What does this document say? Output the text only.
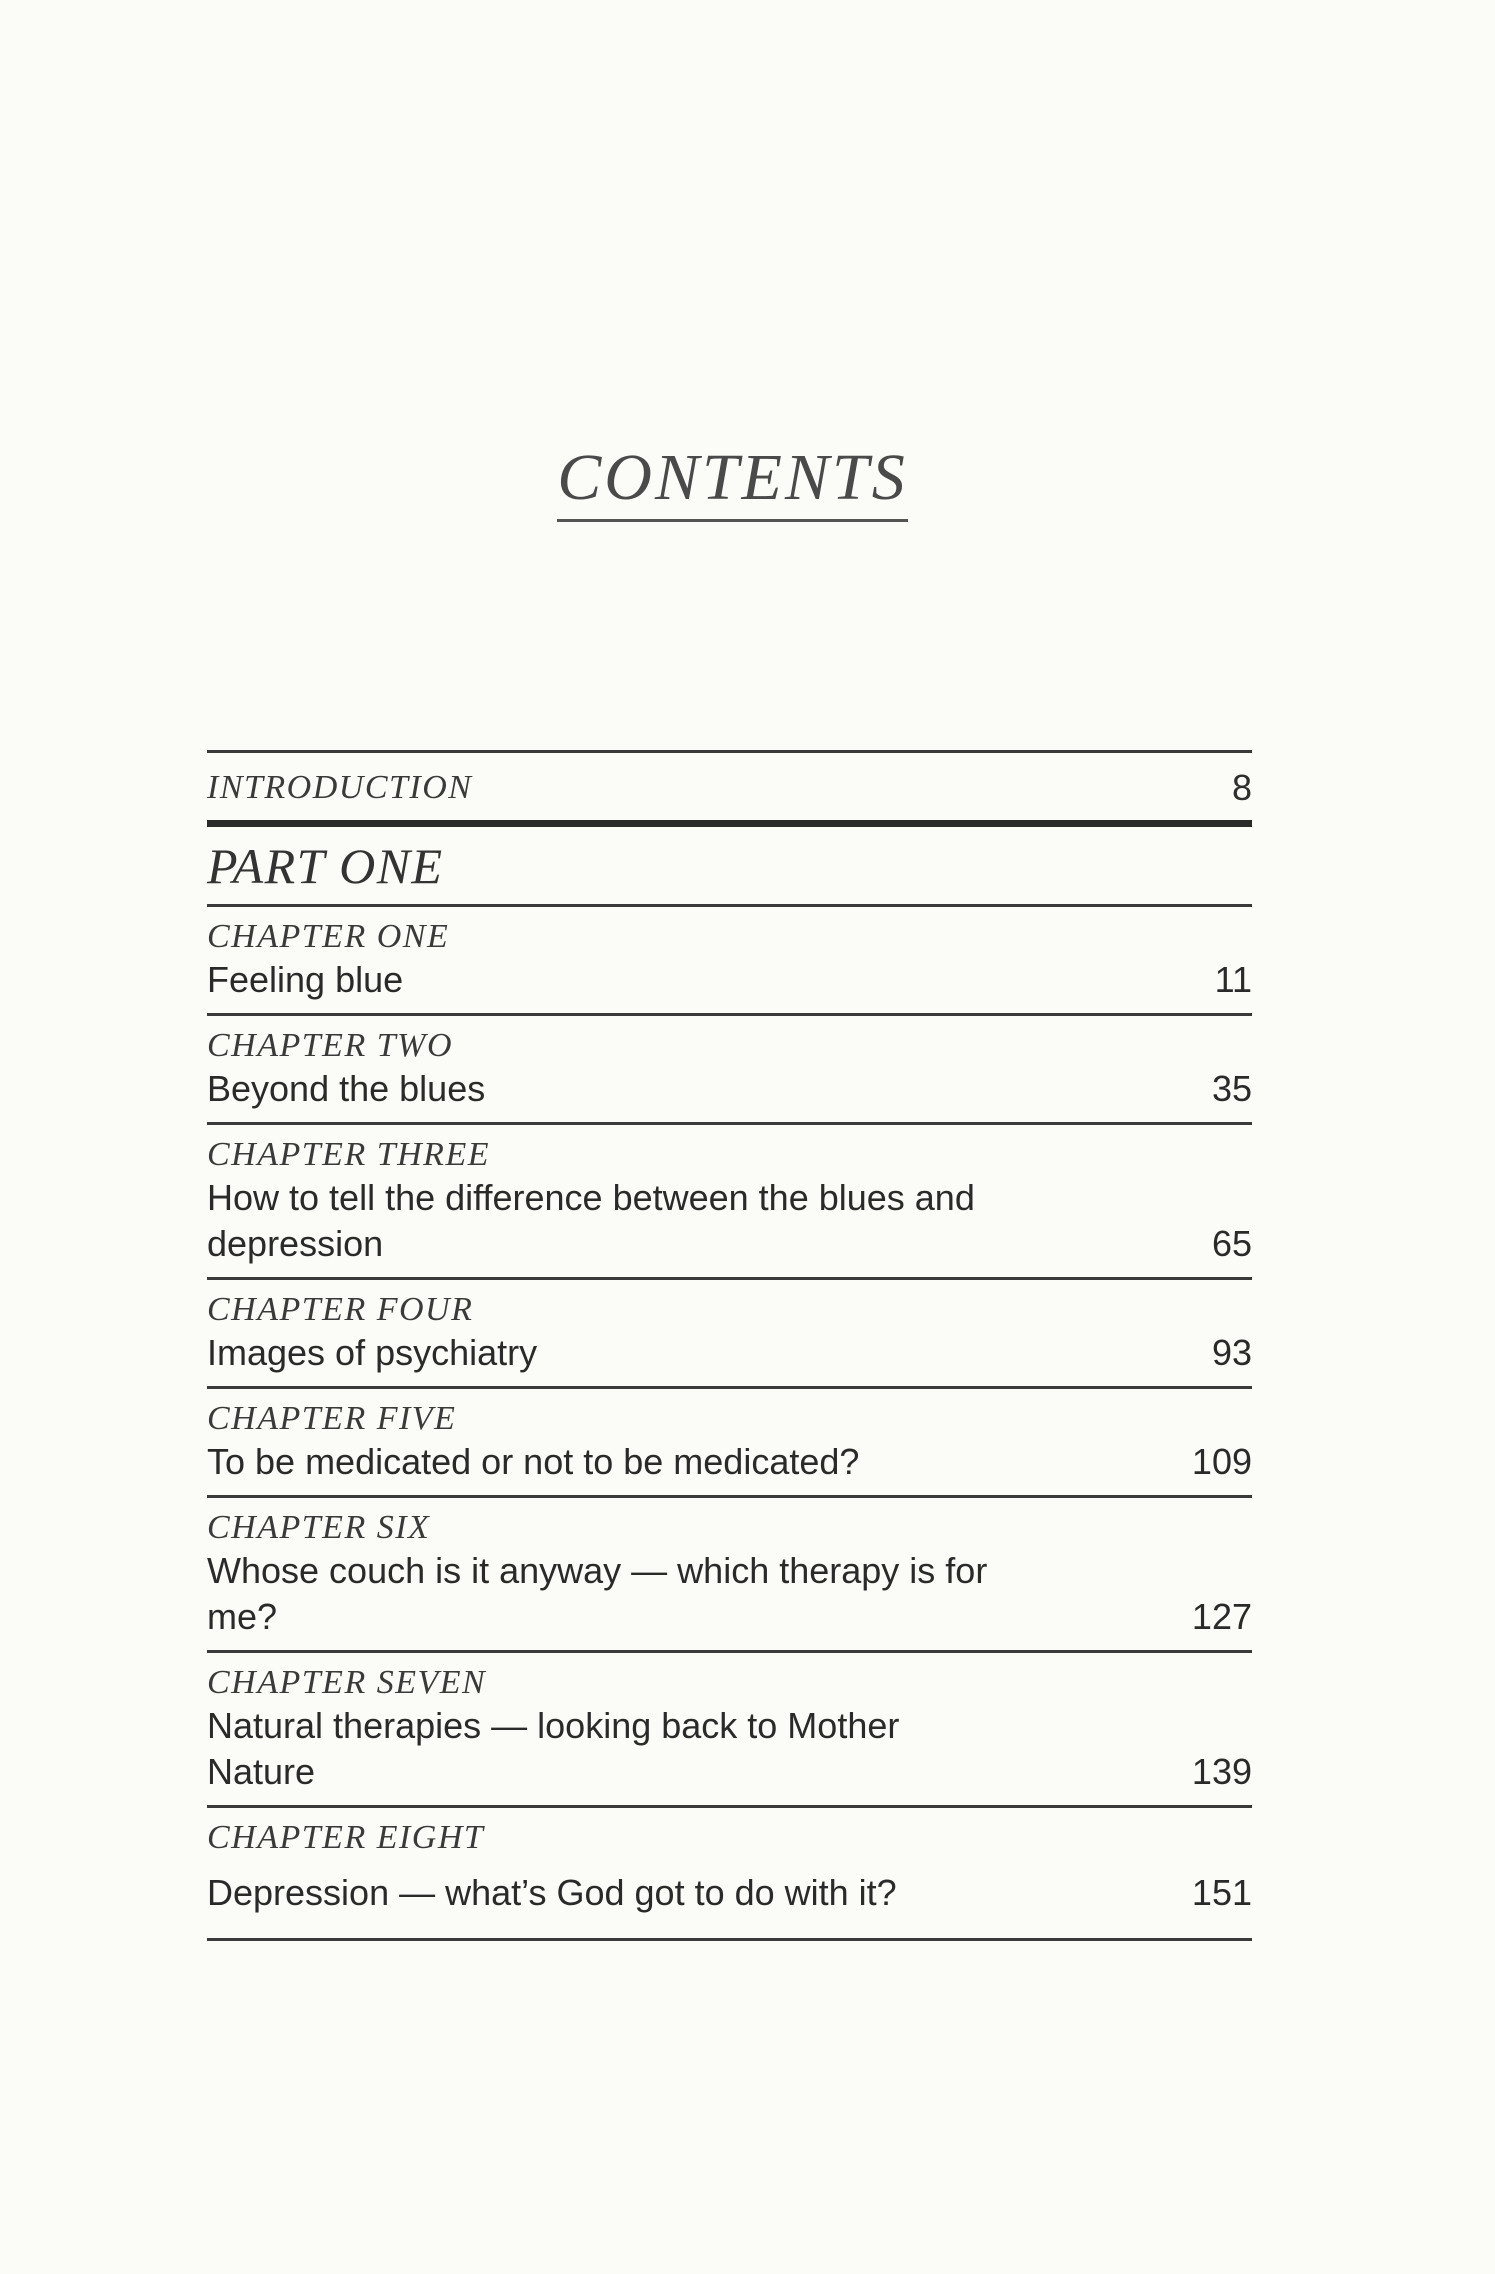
CONTENTS
INTRODUCTION	8
PART ONE
CHAPTER ONE
Feeling blue	11
CHAPTER TWO
Beyond the blues	35
CHAPTER THREE
How to tell the difference between the blues and depression	65
CHAPTER FOUR
Images of psychiatry	93
CHAPTER FIVE
To be medicated or not to be medicated?	109
CHAPTER SIX
Whose couch is it anyway — which therapy is for me?	127
CHAPTER SEVEN
Natural therapies — looking back to Mother Nature	139
CHAPTER EIGHT
Depression — what’s God got to do with it?	151
